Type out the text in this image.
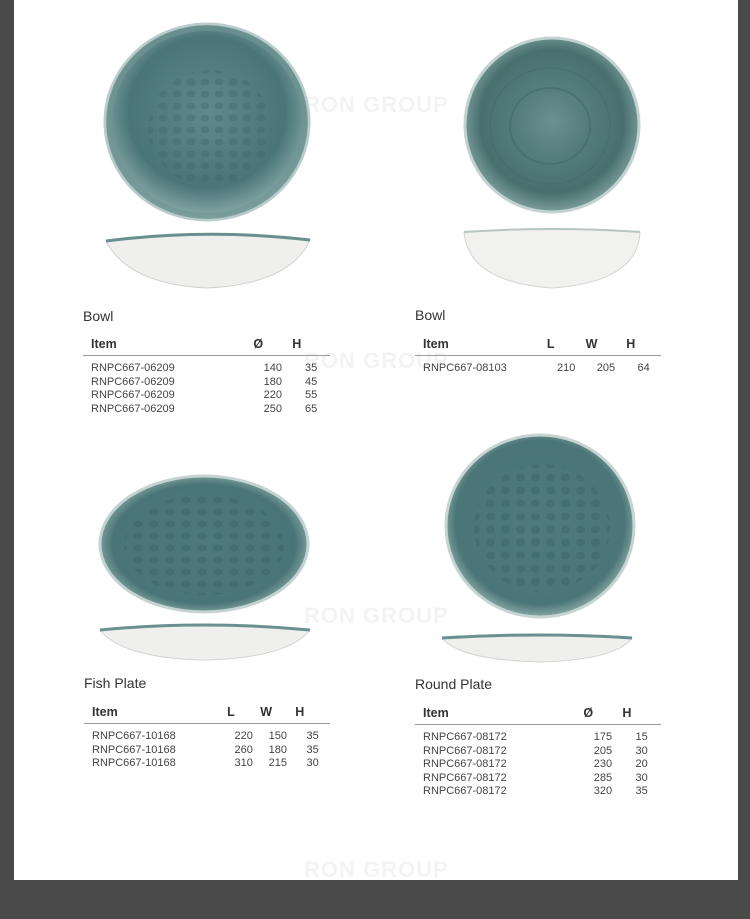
Bowl
Item	Ø	H
RNPC667-06209	140	35
RNPC667-06209	180	45
RNPC667-06209	220	55
RNPC667-06209	250	65
Bowl
Item	L	W	H
RNPC667-08103	210	205	64
Fish Plate
Item	L	W	H
RNPC667-10168	220	150	35
RNPC667-10168	260	180	35
RNPC667-10168	310	215	30
Round Plate
Item	Ø	H
RNPC667-08172	175	15
RNPC667-08172	205	30
RNPC667-08172	230	20
RNPC667-08172	285	30
RNPC667-08172	320	35
